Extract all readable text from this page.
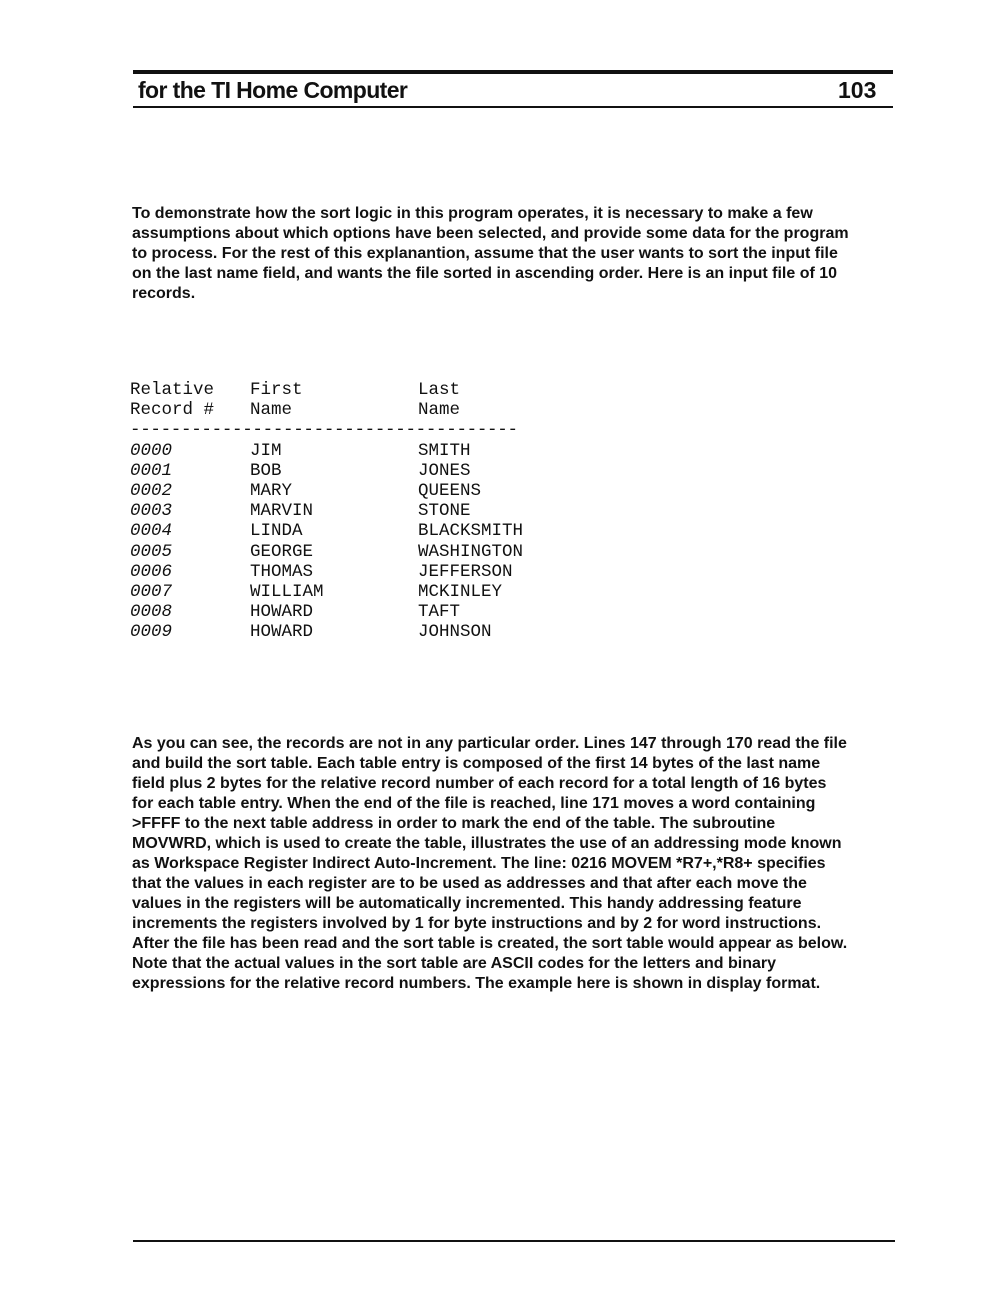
for the TI Home Computer	103

To demonstrate how the sort logic in this program operates, it is necessary to make a few
assumptions about which options have been selected, and provide some data for the program
to process. For the rest of this explanantion, assume that the user wants to sort the input file
on the last name field, and wants the file sorted in ascending order. Here is an input file of 10
records.

Relative	First	Last
Record #	Name	Name
--------------------------------------
0000	JIM	SMITH
0001	BOB	JONES
0002	MARY	QUEENS
0003	MARVIN	STONE
0004	LINDA	BLACKSMITH
0005	GEORGE	WASHINGTON
0006	THOMAS	JEFFERSON
0007	WILLIAM	MCKINLEY
0008	HOWARD	TAFT
0009	HOWARD	JOHNSON

As you can see, the records are not in any particular order. Lines 147 through 170 read the file
and build the sort table. Each table entry is composed of the first 14 bytes of the last name
field plus 2 bytes for the relative record number of each record for a total length of 16 bytes
for each table entry. When the end of the file is reached, line 171 moves a word containing
>FFFF to the next table address in order to mark the end of the table. The subroutine
MOVWRD, which is used to create the table, illustrates the use of an addressing mode known
as Workspace Register Indirect Auto-Increment. The line: 0216 MOVEM *R7+,*R8+ specifies
that the values in each register are to be used as addresses and that after each move the
values in the registers will be automatically incremented. This handy addressing feature
increments the registers involved by 1 for byte instructions and by 2 for word instructions.
After the file has been read and the sort table is created, the sort table would appear as below.
Note that the actual values in the sort table are ASCII codes for the letters and binary
expressions for the relative record numbers. The example here is shown in display format.
